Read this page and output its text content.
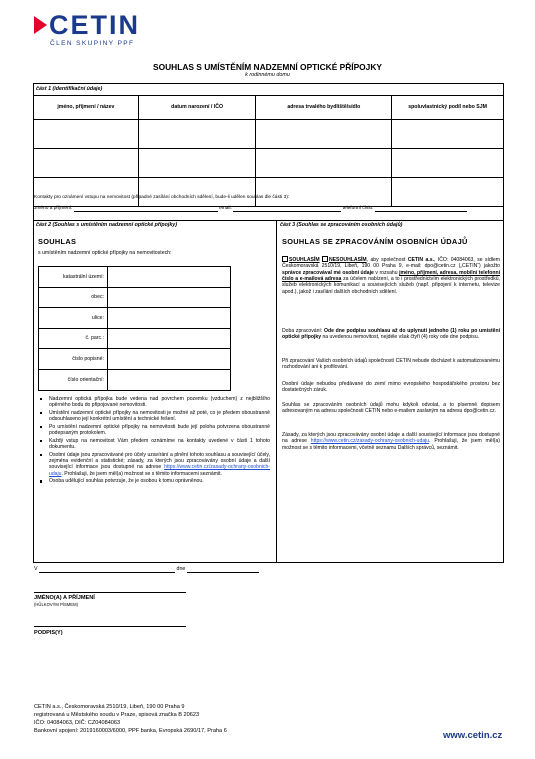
CETIN
ČLEN SKUPINY PPF
SOUHLAS S UMÍSTĚNÍM NADZEMNÍ OPTICKÉ PŘÍPOJKY
k rodinnému domu
část 1 (identifikační údaje)
jméno, příjmení / název	datum narození / IČO	adresa trvalého bydliště/sídlo	spoluvlastnický podíl nebo SJM

Kontakty pro oznámení vstupu na nemovitost (případné zasílání obchodních sdělení, bude-li udělen souhlas dle části 3):
Jméno a příjmení:	email:	telefonní číslo:
část 2 (Souhlas s umístěním nadzemní optické přípojky)
SOUHLAS
s umístěním nadzemní optické přípojky na nemovitostech:
katastrální území:	
obec:	
ulice:	
č. parc.:	
číslo popisné:	
číslo orientační:	
Nadzemní optická přípojka bude vedena nad povrchem pozemku (vzduchem) z nejbližšího opěrného bodu do připojované nemovitosti.
Umístění nadzemní optické přípojky na nemovitosti je možné až poté, co je předem oboustranně odsouhlaseno její konkrétní umístění a technické řešení.
Po umístění nadzemní optické přípojky na nemovitosti bude její poloha potvrzena oboustranně podepsaným protokolem.
Každý vstup na nemovitost Vám předem oznámíme na kontakty uvedené v části 1 tohoto dokumentu.
Osobní údaje jsou zpracovávané pro účely uzavírání a plnění tohoto souhlasu a související účely, zejména evidenční a statistické; zásady, za kterých jsou zpracovávány osobní údaje a další související informace jsou dostupné na adrese https://www.cetin.cz/zasady-ochrany-osobnich-udaju. Prohlašuji, že jsem měl(a) možnost se s těmito informacemi seznámit.
Osoba udělující souhlas potvrzuje, že je osobou k tomu oprávněnou.
část 3 (Souhlas se zpracováním osobních údajů)
SOUHLAS SE ZPRACOVÁNÍM OSOBNÍCH ÚDAJŮ
SOUHLASÍM NESOUHLASÍM, aby společnost CETIN a.s., IČO: 04084063, se sídlem Českomoravská 2510/19, Libeň, 190 00 Praha 9, e-mail: dpo@cetin.cz („CETIN“) jakožto správce zpracovával mé osobní údaje v rozsahu jméno, příjmení, adresa, mobilní telefonní číslo a e-mailová adresa za účelem nabízení, a to i prostřednictvím elektronických prostředků, služeb elektronických komunikací a souvisejících služeb (např. připojení k internetu, televize apod.), jakož i zasílání dalších obchodních sdělení.
Doba zpracování: Ode dne podpisu souhlasu až do uplynutí jednoho (1) roku po umístění optické přípojky na uvedenou nemovitost, nejdéle však čtyři (4) roky ode dne podpisu.
Při zpracování Vašich osobních údajů společností CETIN nebude docházet k automatizovanému rozhodování ani k profilování.
Osobní údaje nebudou předávané do zemí mimo evropského hospodářského prostoru bez dostatečných záruk.
Souhlas se zpracováním osobních údajů mohu kdykoli odvolat, a to písemně dopisem adresovaným na adresu společnosti CETIN nebo e-mailem zaslaným na adresu dpo@cetin.cz.
Zásady, za kterých jsou zpracovávány osobní údaje a další související informace jsou dostupné na adrese https://www.cetin.cz/zasady-ochrany-osobnich-udaju. Prohlašuji, že jsem měl(a) možnost se s těmito informacemi, včetně seznamu Dalších správců, seznámit.
V	dne
JMÉNO(A) A PŘÍJMENÍ
(HŮLKOVÝM PÍSMEM)
PODPIS(Y)
CETIN a.s., Českomoravská 2510/19, Libeň, 190 00 Praha 9
registrovaná u Městského soudu v Praze, spisová značka B 20623
IČO: 04084063, DIČ: CZ04084063
Bankovní spojení: 2019160003/6000, PPF banka, Evropská 2690/17, Praha 6	www.cetin.cz
